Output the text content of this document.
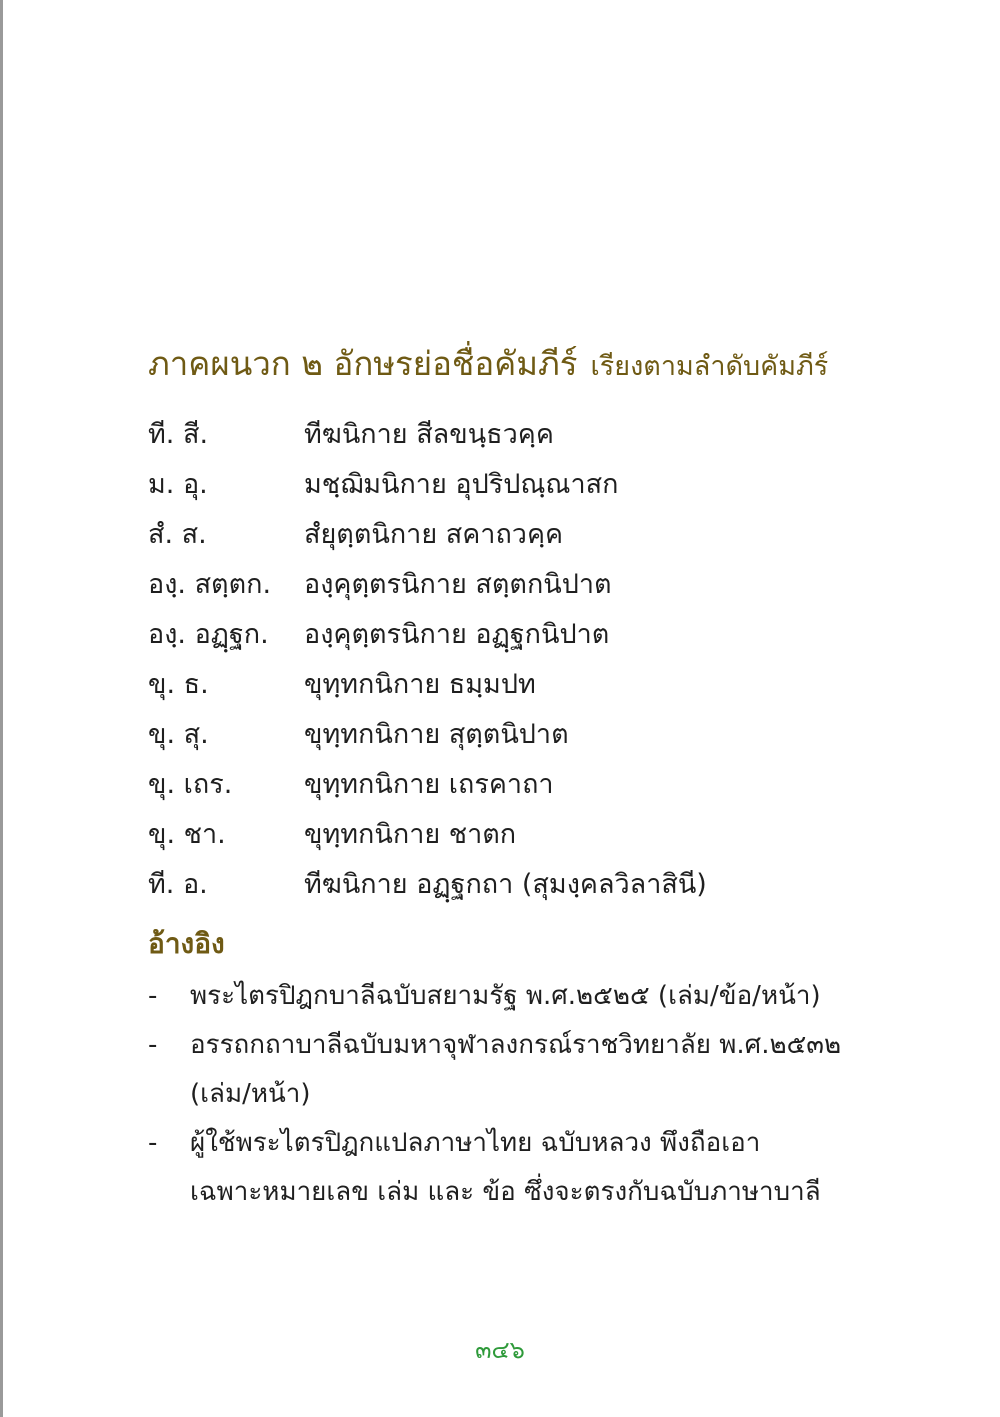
ภาคผนวก ๒ อักษรย่อชื่อคัมภีร์ เรียงตามลำดับคัมภีร์
ที. สี.	ทีฆนิกาย สีลขนฺธวคฺค
ม. อุ.	มชฺฌิมนิกาย อุปริปณฺณาสก
สํ. ส.	สํยุตฺตนิกาย สคาถวคฺค
องฺ. สตฺตก.	องฺคุตฺตรนิกาย สตฺตกนิปาต
องฺ. อฏฺฐก.	องฺคุตฺตรนิกาย อฏฺฐกนิปาต
ขุ. ธ.	ขุทฺทกนิกาย ธมฺมปท
ขุ. สุ.	ขุทฺทกนิกาย สุตฺตนิปาต
ขุ. เถร.	ขุทฺทกนิกาย เถรคาถา
ขุ. ชา.	ขุทฺทกนิกาย ชาตก
ที. อ.	ทีฆนิกาย อฏฺฐกถา (สุมงฺคลวิลาสินี)
อ้างอิง
-	พระไตรปิฎกบาลีฉบับสยามรัฐ พ.ศ.๒๕๒๕ (เล่ม/ข้อ/หน้า)
-	อรรถกถาบาลีฉบับมหาจุฬาลงกรณ์ราชวิทยาลัย พ.ศ.๒๕๓๒
(เล่ม/หน้า)
-	ผู้ใช้พระไตรปิฎกแปลภาษาไทย ฉบับหลวง พึงถือเอา
เฉพาะหมายเลข เล่ม และ ข้อ ซึ่งจะตรงกับฉบับภาษาบาลี
๓๔๖
